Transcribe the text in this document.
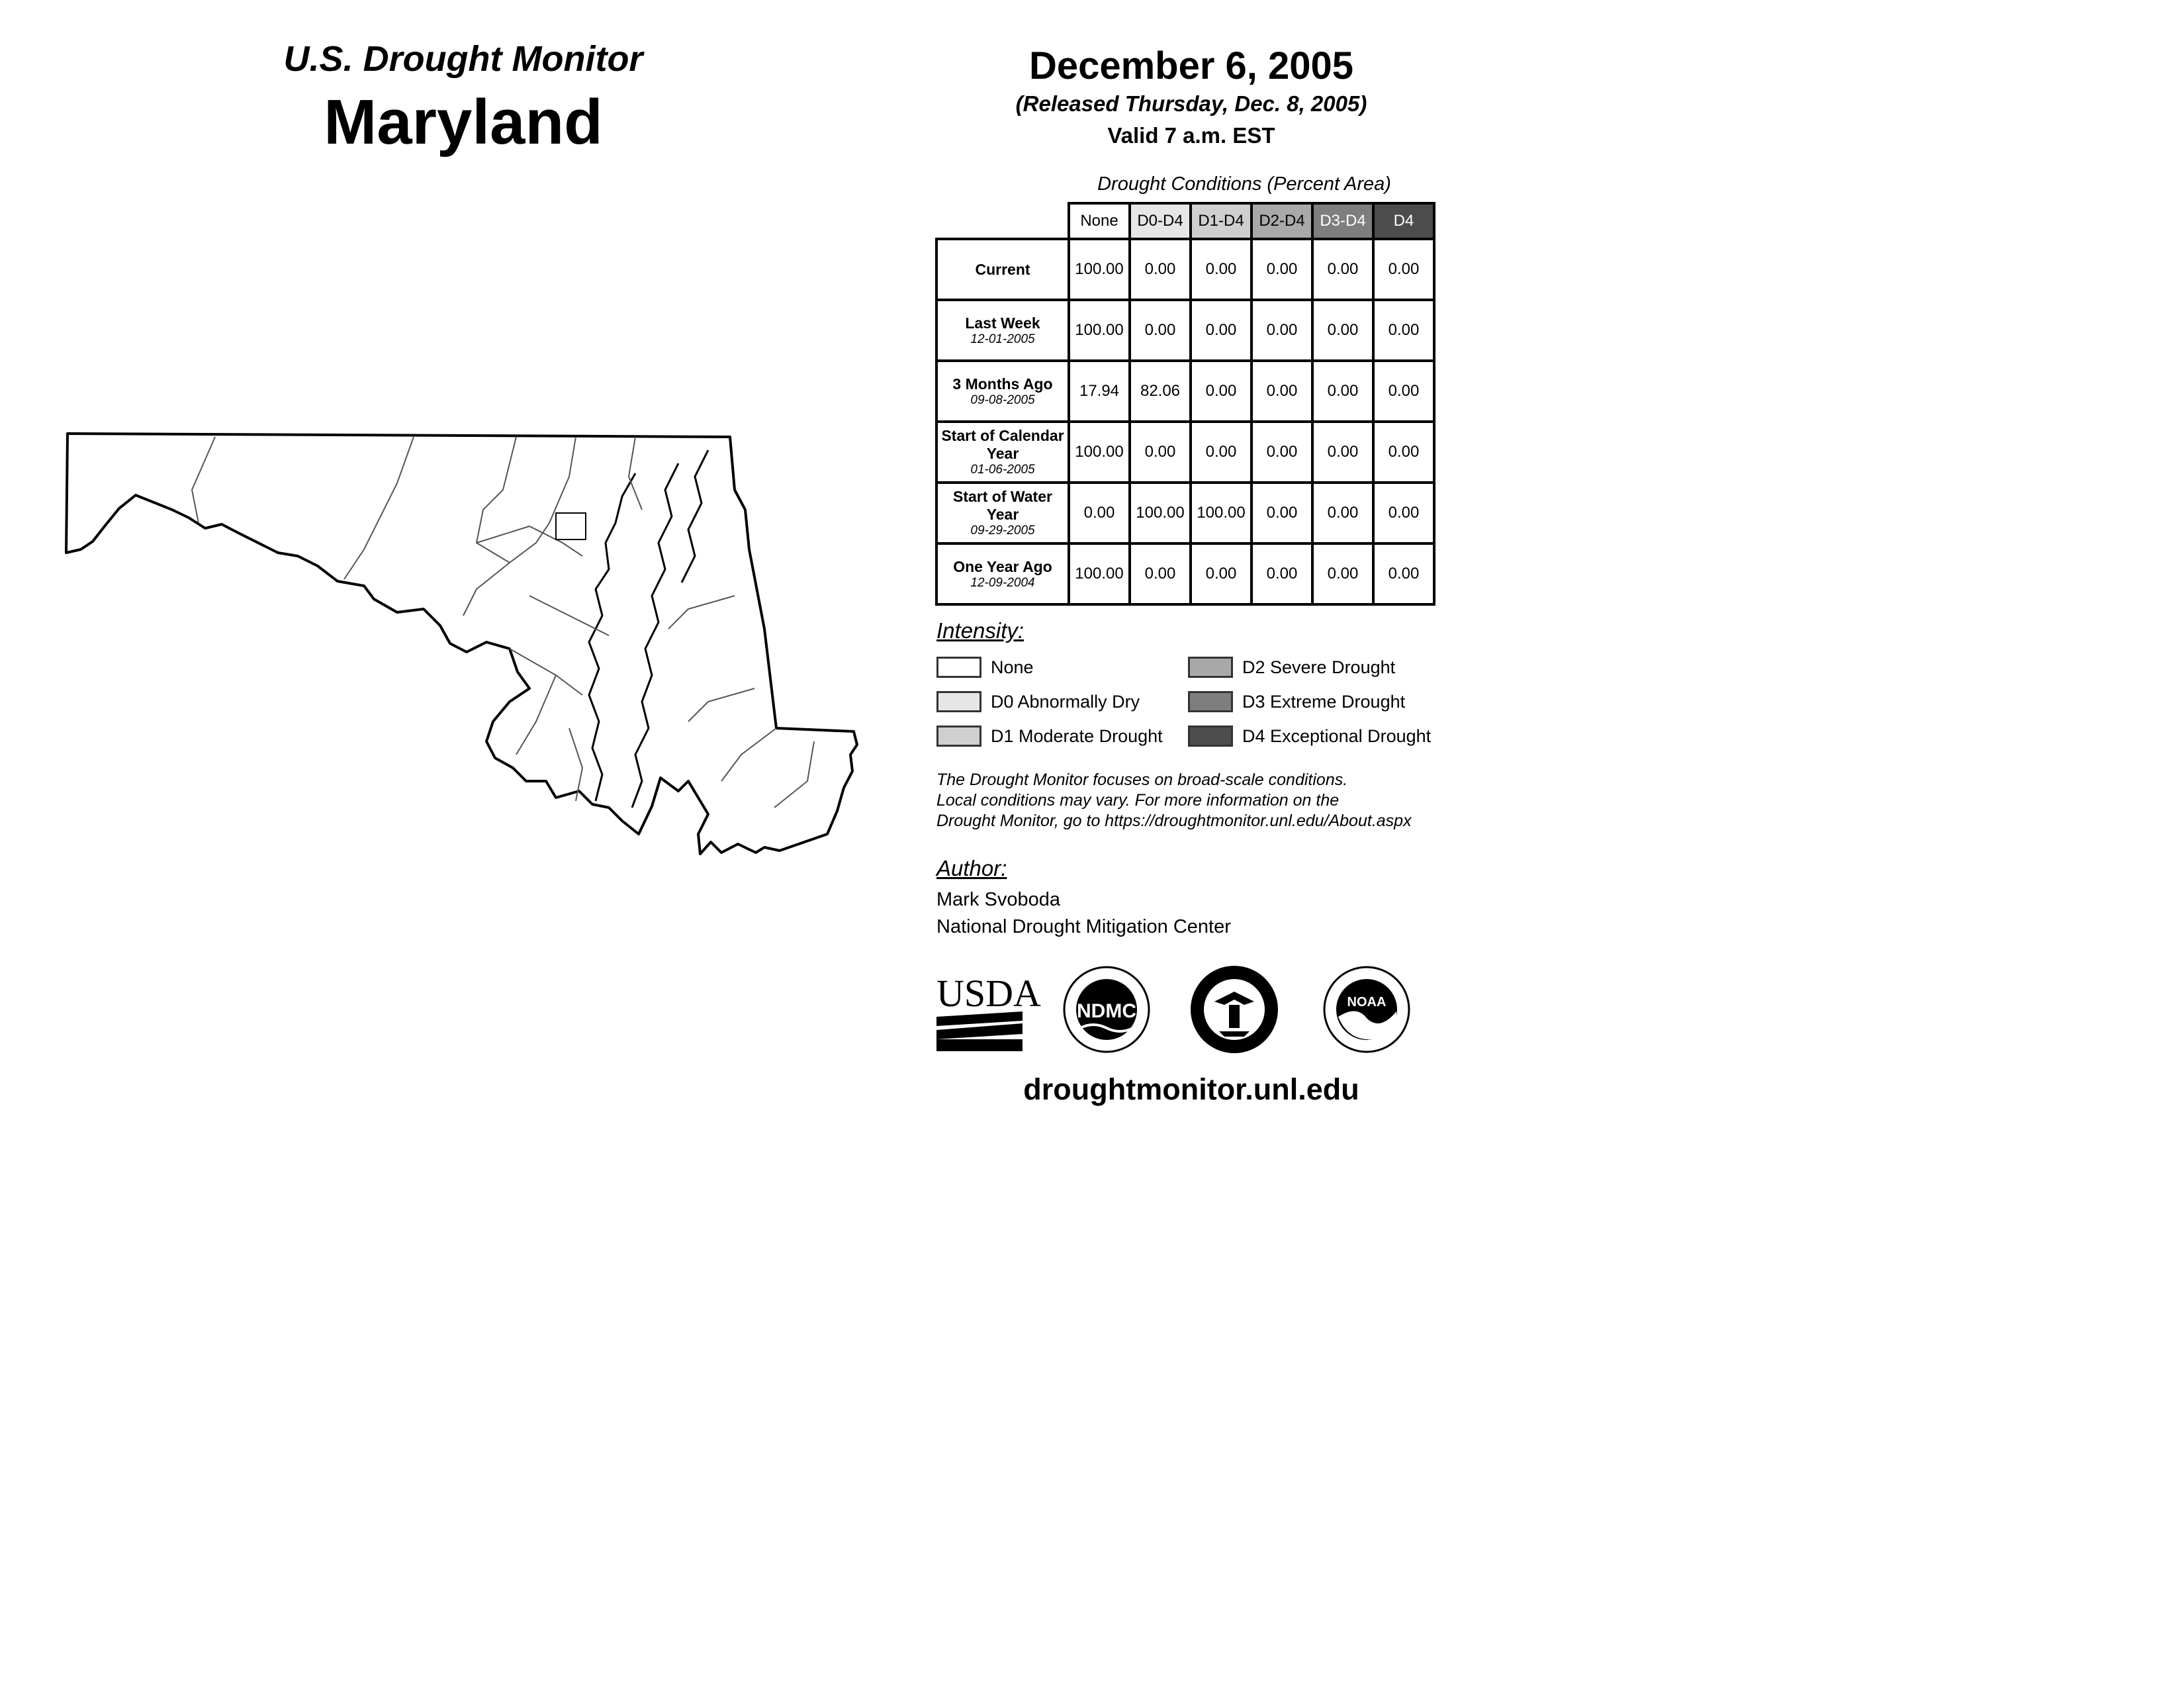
U.S. Drought Monitor
Maryland
December 6, 2005
(Released Thursday, Dec. 8, 2005)
Valid 7 a.m. EST
Drought Conditions (Percent Area)
	None	D0-D4	D1-D4	D2-D4	D3-D4	D4
Current	100.00	0.00	0.00	0.00	0.00	0.00
Last Week
12-01-2005	100.00	0.00	0.00	0.00	0.00	0.00
3 Months Ago
09-08-2005	17.94	82.06	0.00	0.00	0.00	0.00
Start of Calendar Year
01-06-2005	100.00	0.00	0.00	0.00	0.00	0.00
Start of Water Year
09-29-2005	0.00	100.00	100.00	0.00	0.00	0.00
One Year Ago
12-09-2004	100.00	0.00	0.00	0.00	0.00	0.00
Intensity:
None
D0 Abnormally Dry
D1 Moderate Drought
D2 Severe Drought
D3 Extreme Drought
D4 Exceptional Drought
The Drought Monitor focuses on broad-scale conditions.
Local conditions may vary. For more information on the
Drought Monitor, go to https://droughtmonitor.unl.edu/About.aspx
Author:
Mark Svoboda
National Drought Mitigation Center
USDA NDMC	NOAA
droughtmonitor.unl.edu
